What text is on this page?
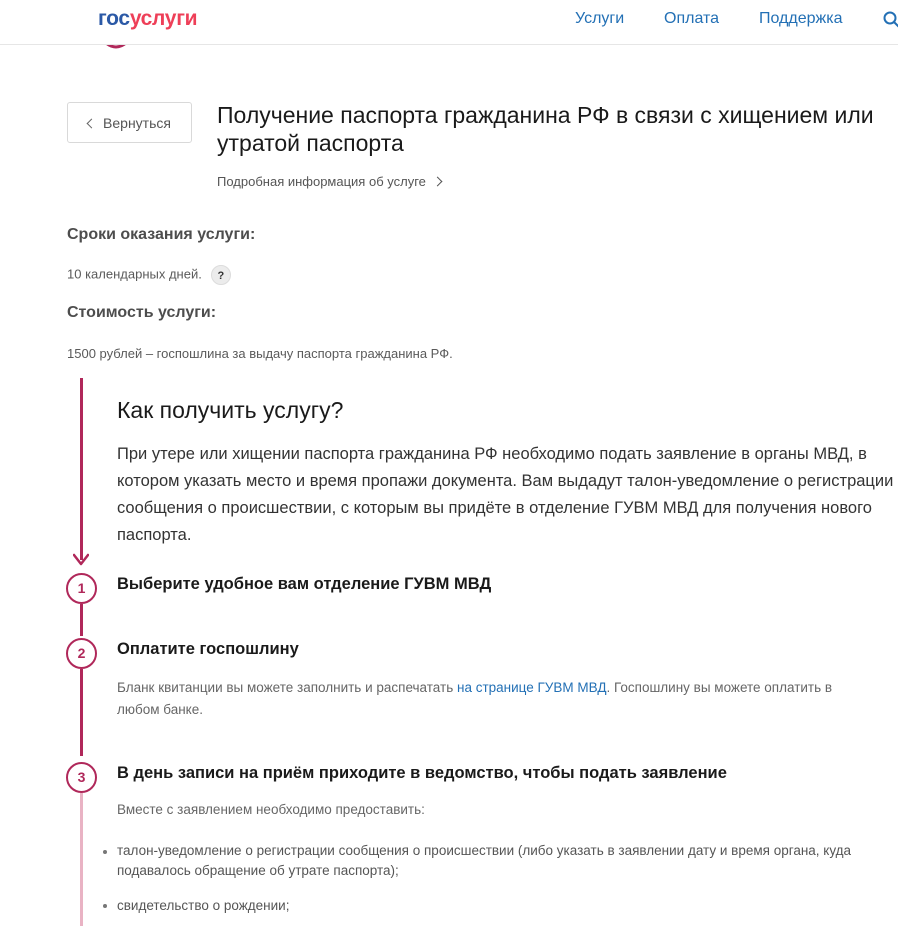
госуслуги	Услуги Оплата Поддержка
Вернуться Получение паспорта гражданина РФ в связи с хищением или утратой паспорта
Подробная информация об услуге
Сроки оказания услуги:
10 календарных дней. ?
Стоимость услуги:
1500 рублей – госпошлина за выдачу паспорта гражданина РФ.
Как получить услугу?

При утере или хищении паспорта гражданина РФ необходимо подать заявление в органы МВД, в котором указать место и время пропажи документа. Вам выдадут талон-уведомление о регистрации сообщения о происшествии, с которым вы придёте в отделение ГУВМ МВД для получения нового паспорта.

1	Выберите удобное вам отделение ГУВМ МВД
2	Оплатите госпошлину

Бланк квитанции вы можете заполнить и распечатать на странице ГУВМ МВД. Госпошлину вы можете оплатить в любом банке.

3	В день записи на приём приходите в ведомство, чтобы подать заявление

Вместе с заявлением необходимо предоставить:

талон-уведомление о регистрации сообщения о происшествии (либо указать в заявлении дату и время органа, куда подавалось обращение об утрате паспорта);

свидетельство о рождении;
